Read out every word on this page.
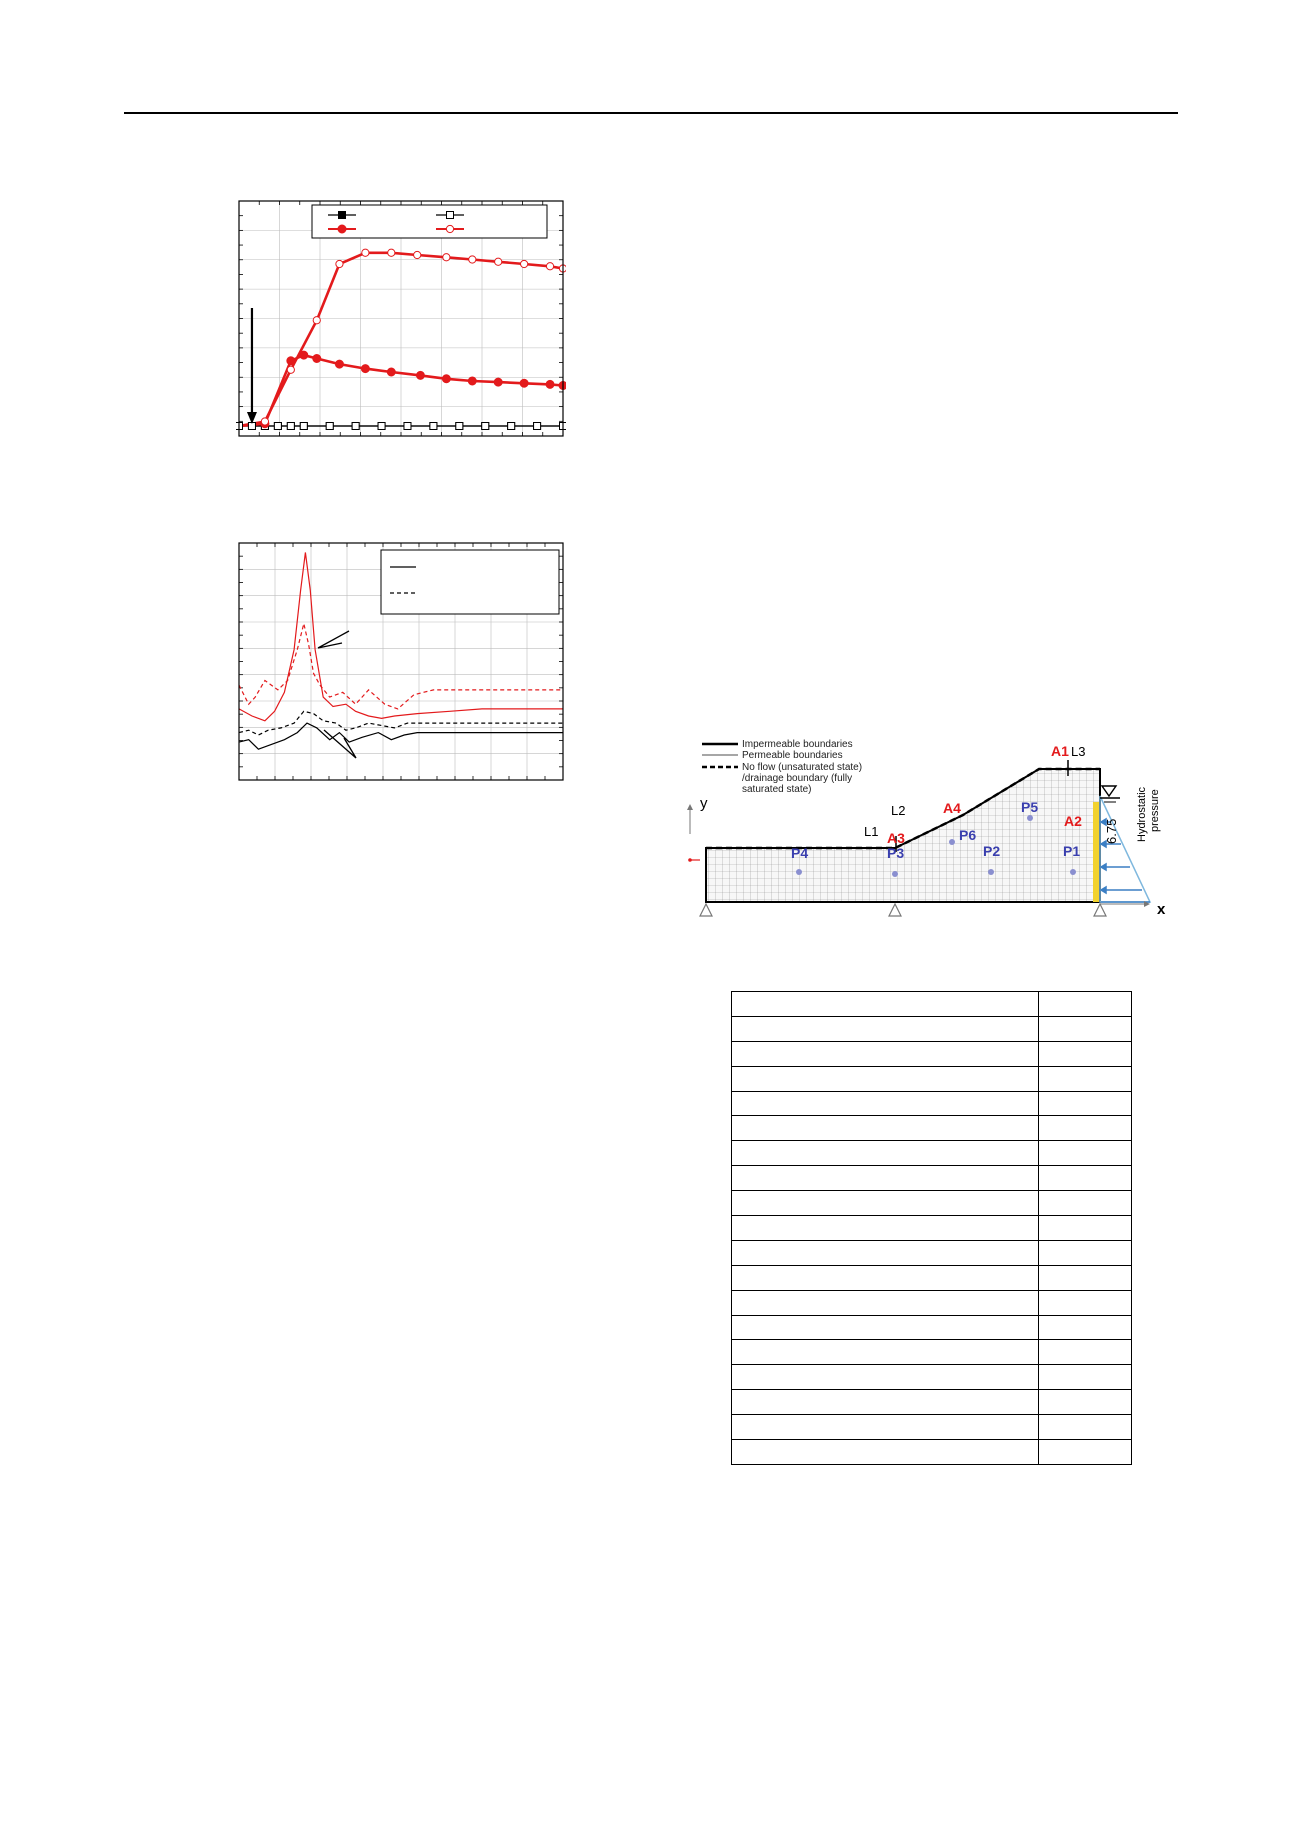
y
x
Impermeable boundaries
Permeable boundaries
No flow (unsaturated state)
/drainage boundary (fully
saturated state)
L1
L2
L3
P4	P3
P6
P2
P5
P1
A3
A4
A2
A1
6.75 Hydrostatic pressure
